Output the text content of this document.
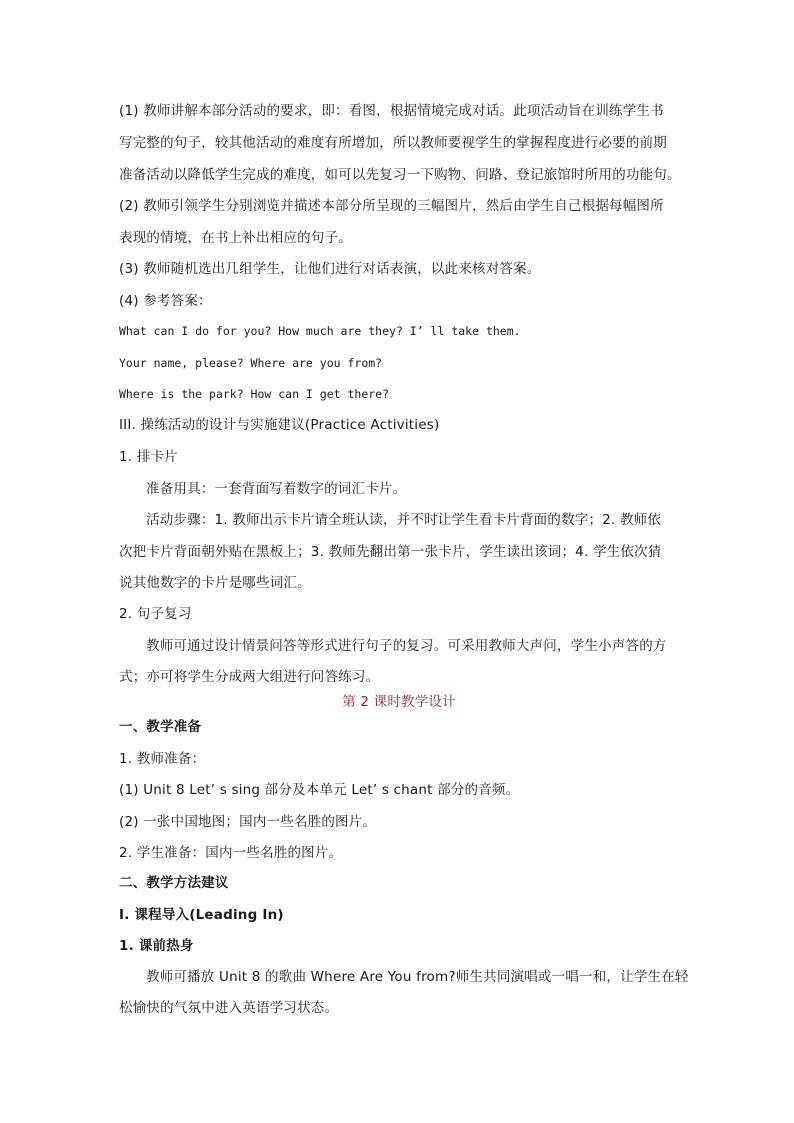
(1) 教师讲解本部分活动的要求，即：看图，根据情境完成对话。此项活动旨在训练学生书
写完整的句子，较其他活动的难度有所增加，所以教师要视学生的掌握程度进行必要的前期
准备活动以降低学生完成的难度，如可以先复习一下购物、问路、登记旅馆时所用的功能句。
(2) 教师引领学生分别浏览并描述本部分所呈现的三幅图片，然后由学生自己根据每幅图所
表现的情境，在书上补出相应的句子。
(3) 教师随机选出几组学生，让他们进行对话表演，以此来核对答案。
(4) 参考答案：
What can I do for you? How much are they? I’ ll take them.
Your name, please? Where are you from?
Where is the park? How can I get there?
III. 操练活动的设计与实施建议(Practice Activities)
1. 排卡片
准备用具：一套背面写着数字的词汇卡片。
活动步骤：1. 教师出示卡片请全班认读，并不时让学生看卡片背面的数字；2. 教师依
次把卡片背面朝外贴在黑板上；3. 教师先翻出第一张卡片，学生读出该词；4. 学生依次猜
说其他数字的卡片是哪些词汇。
2. 句子复习
教师可通过设计情景问答等形式进行句子的复习。可采用教师大声问，学生小声答的方
式；亦可将学生分成两大组进行问答练习。
第 2 课时教学设计
一、教学准备
1. 教师准备：
(1) Unit 8 Let’ s sing 部分及本单元 Let’ s chant 部分的音频。
(2) 一张中国地图；国内一些名胜的图片。
2. 学生准备：国内一些名胜的图片。
二、教学方法建议
I. 课程导入(Leading In)
1. 课前热身
教师可播放 Unit 8 的歌曲 Where Are You from?师生共同演唱或一唱一和，让学生在轻
松愉快的气氛中进入英语学习状态。
